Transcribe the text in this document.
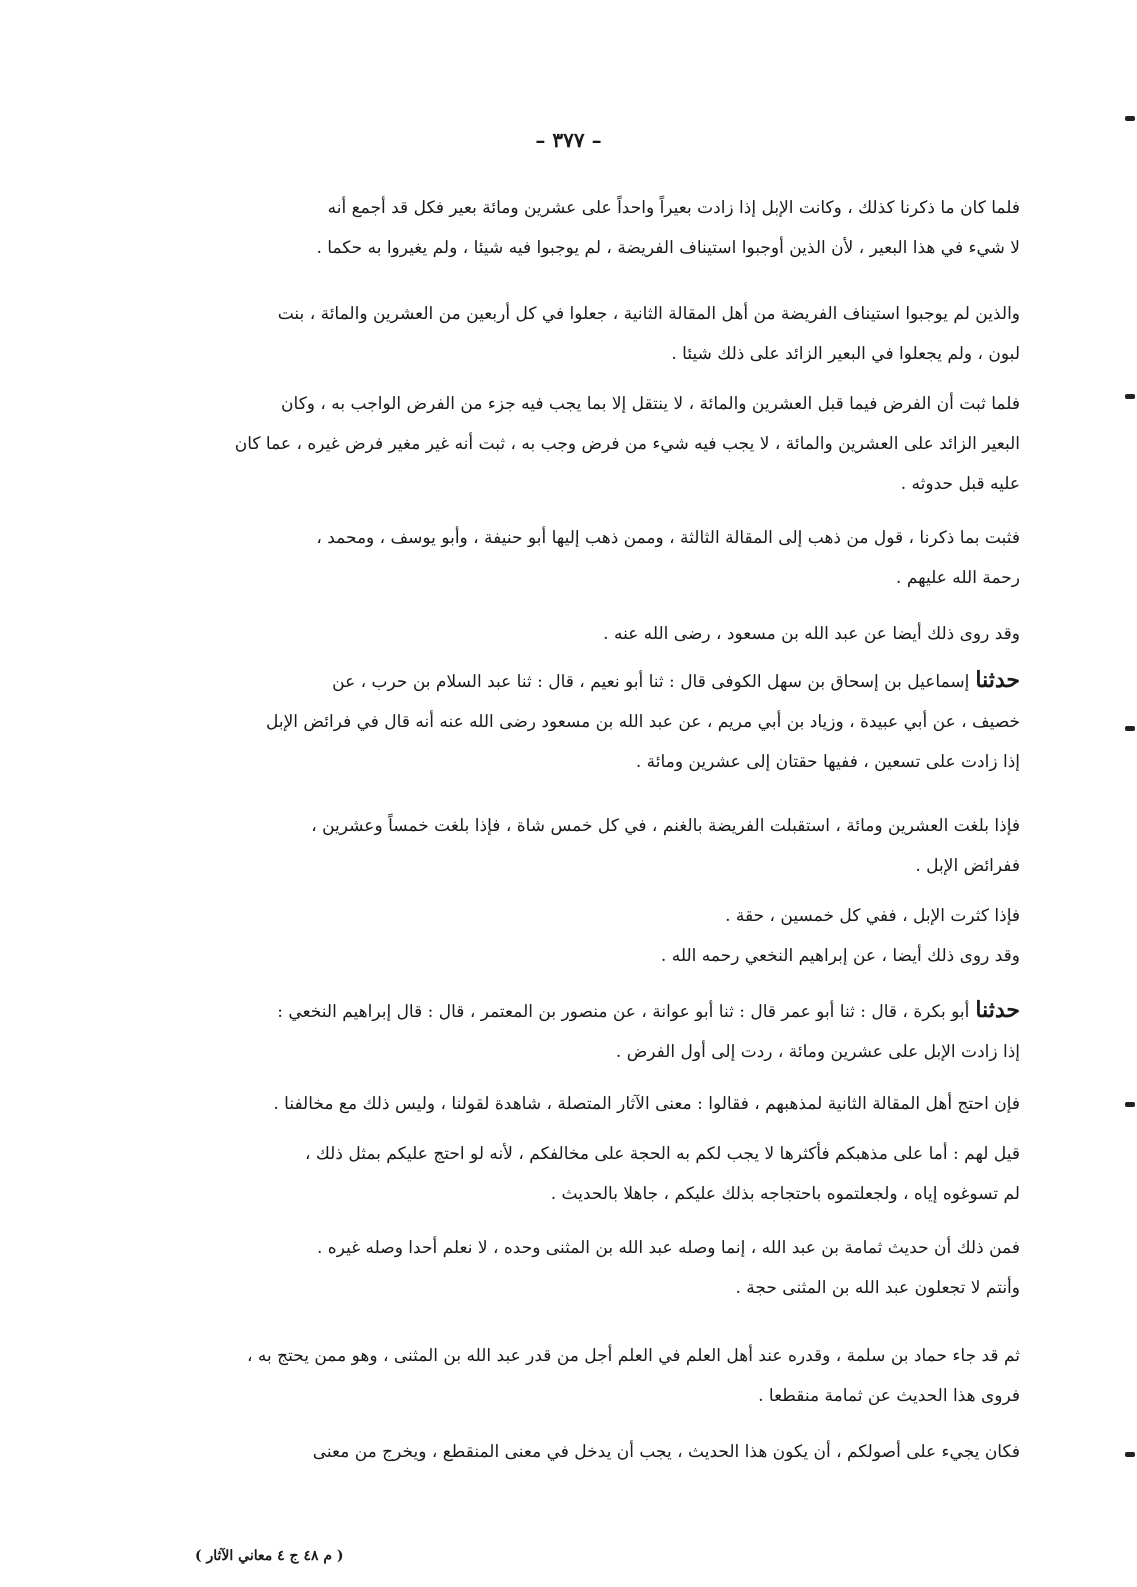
– ٣٧٧ –
فلما كان ما ذكرنا كذلك ، وكانت الإبل إذا زادت بعيراً واحداً على عشرين ومائة بعير فكل قد أجمع أنه
لا شيء في هذا البعير ، لأن الذين أوجبوا استيناف الفريضة ، لم يوجبوا فيه شيئا ، ولم يغيروا به حكما .
والذين لم يوجبوا استيناف الفريضة من أهل المقالة الثانية ، جعلوا في كل أربعين من العشرين والمائة ، بنت
لبون ، ولم يجعلوا في البعير الزائد على ذلك شيئا .
فلما ثبت أن الفرض فيما قبل العشرين والمائة ، لا ينتقل إلا بما يجب فيه جزء من الفرض الواجب به ، وكان
البعير الزائد على العشرين والمائة ، لا يجب فيه شيء من فرض وجب به ، ثبت أنه غير مغير فرض غيره ، عما كان
عليه قبل حدوثه .
فثبت بما ذكرنا ، قول من ذهب إلى المقالة الثالثة ، وممن ذهب إليها أبو حنيفة ، وأبو يوسف ، ومحمد ،
رحمة الله عليهم .
وقد روى ذلك أيضا عن عبد الله بن مسعود ، رضى الله عنه .
حدثناإسماعيل بن إسحاق بن سهل الكوفى قال : ثنا أبو نعيم ، قال : ثنا عبد السلام بن حرب ، عن
خصيف ، عن أبي عبيدة ، وزياد بن أبي مريم ، عن عبد الله بن مسعود رضى الله عنه أنه قال في فرائض الإبل
إذا زادت على تسعين ، ففيها حقتان إلى عشرين ومائة .
فإذا بلغت العشرين ومائة ، استقبلت الفريضة بالغنم ، في كل خمس شاة ، فإذا بلغت خمساً وعشرين ،
ففرائض الإبل .
فإذا كثرت الإبل ، ففي كل خمسين ، حقة .
وقد روى ذلك أيضا ، عن إبراهيم النخعي رحمه الله .
حدثناأبو بكرة ، قال : ثنا أبو عمر قال : ثنا أبو عوانة ، عن منصور بن المعتمر ، قال : قال إبراهيم النخعي :
إذا زادت الإبل على عشرين ومائة ، ردت إلى أول الفرض .
فإن احتج أهل المقالة الثانية لمذهبهم ، فقالوا : معنى الآثار المتصلة ، شاهدة لقولنا ، وليس ذلك مع مخالفنا .
قيل لهم : أما على مذهبكم فأكثرها لا يجب لكم به الحجة على مخالفكم ، لأنه لو احتج عليكم بمثل ذلك ،
لم تسوغوه إياه ، ولجعلتموه باحتجاجه بذلك عليكم ، جاهلا بالحديث .
فمن ذلك أن حديث ثمامة بن عبد الله ، إنما وصله عبد الله بن المثنى وحده ، لا نعلم أحدا وصله غيره .
وأنتم لا تجعلون عبد الله بن المثنى حجة .
ثم قد جاء حماد بن سلمة ، وقدره عند أهل العلم في العلم أجل من قدر عبد الله بن المثنى ، وهو ممن يحتج به ،
فروى هذا الحديث عن ثمامة منقطعا .
فكان يجيء على أصولكم ، أن يكون هذا الحديث ، يجب أن يدخل في معنى المنقطع ، ويخرج من معنى
( م ٤٨ ج ٤ معاني الآثار )
